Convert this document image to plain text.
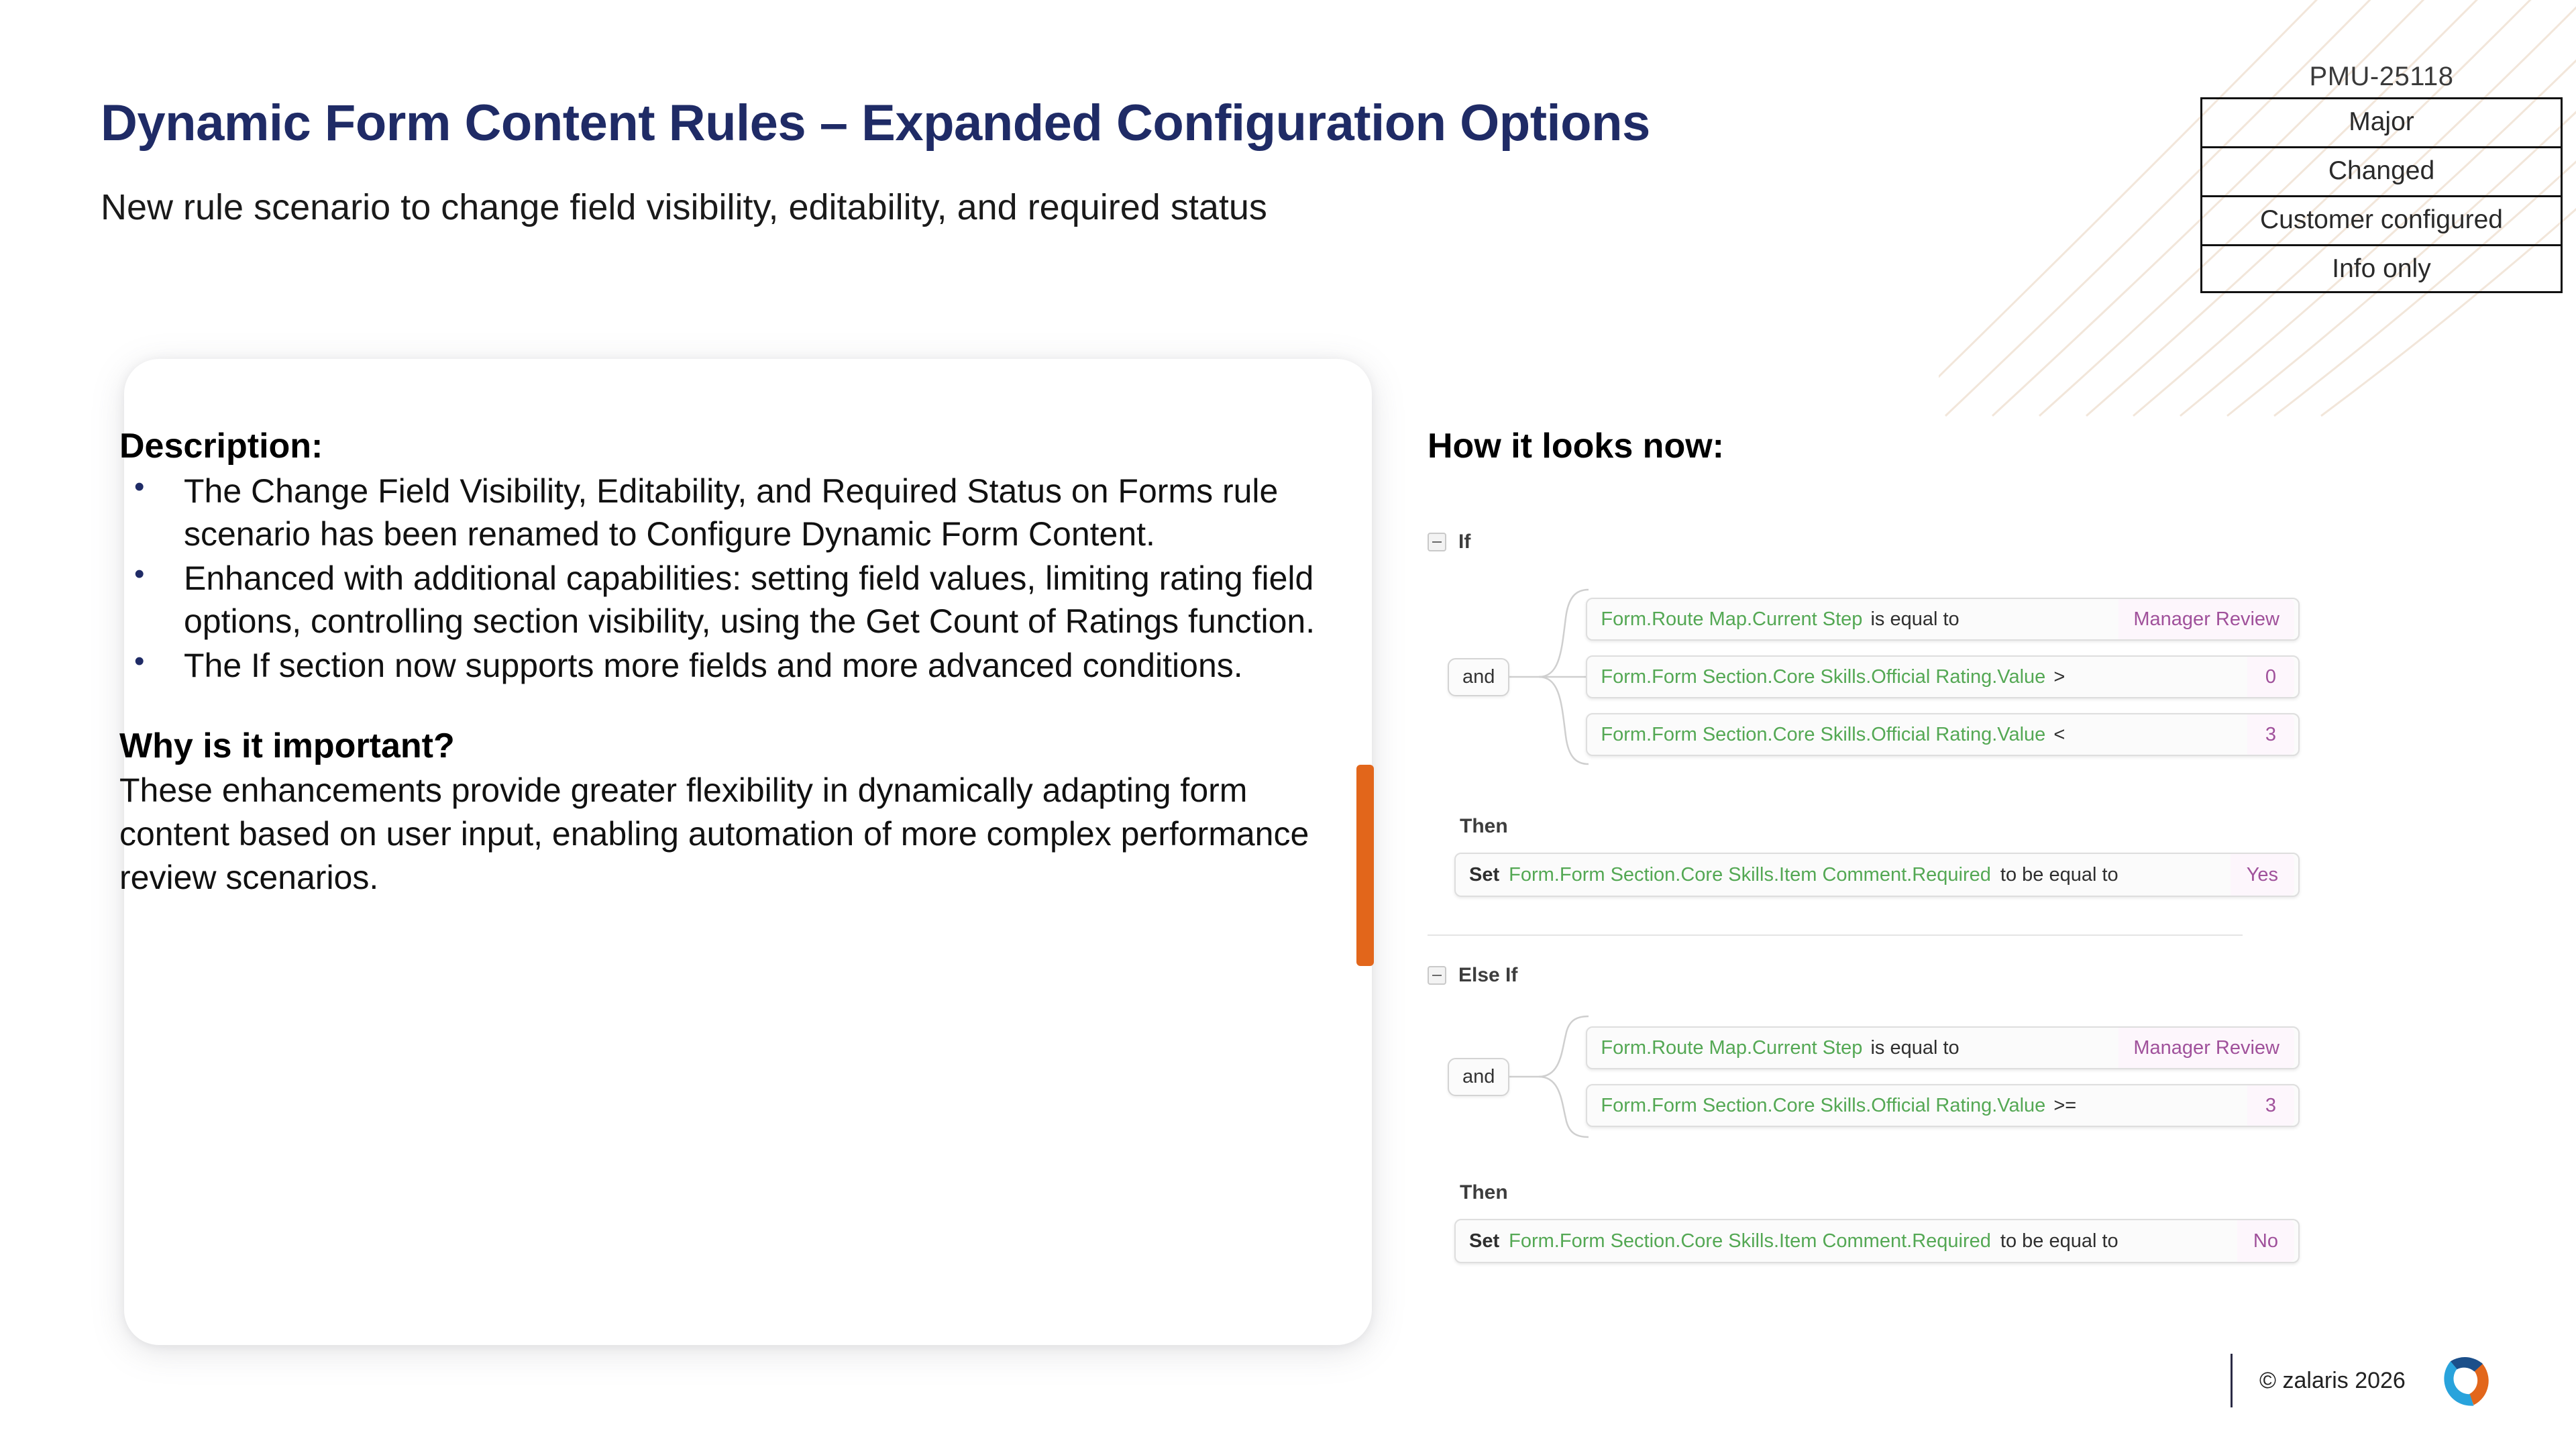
Dynamic Form Content Rules – Expanded Configuration Options
New rule scenario to change field visibility, editability, and required status
PMU-25118
Major
Changed
Customer configured
Info only
Description:
• The Change Field Visibility, Editability, and Required Status on Forms rule scenario has been renamed to Configure Dynamic Form Content.
• Enhanced with additional capabilities: setting field values, limiting rating field options, controlling section visibility, using the Get Count of Ratings function.
• The If section now supports more fields and more advanced conditions.
Why is it important?
These enhancements provide greater flexibility in dynamically adapting form content based on user input, enabling automation of more complex performance review scenarios.
How it looks now:
If
and
Form.Route Map.Current Step is equal to	Manager Review
Form.Form Section.Core Skills.Official Rating.Value >	0
Form.Form Section.Core Skills.Official Rating.Value <	3
Then
Set Form.Form Section.Core Skills.Item Comment.Required to be equal to	Yes
Else If
and
Form.Route Map.Current Step is equal to	Manager Review
Form.Form Section.Core Skills.Official Rating.Value >=	3
Then
Set Form.Form Section.Core Skills.Item Comment.Required to be equal to	No
© zalaris 2026
